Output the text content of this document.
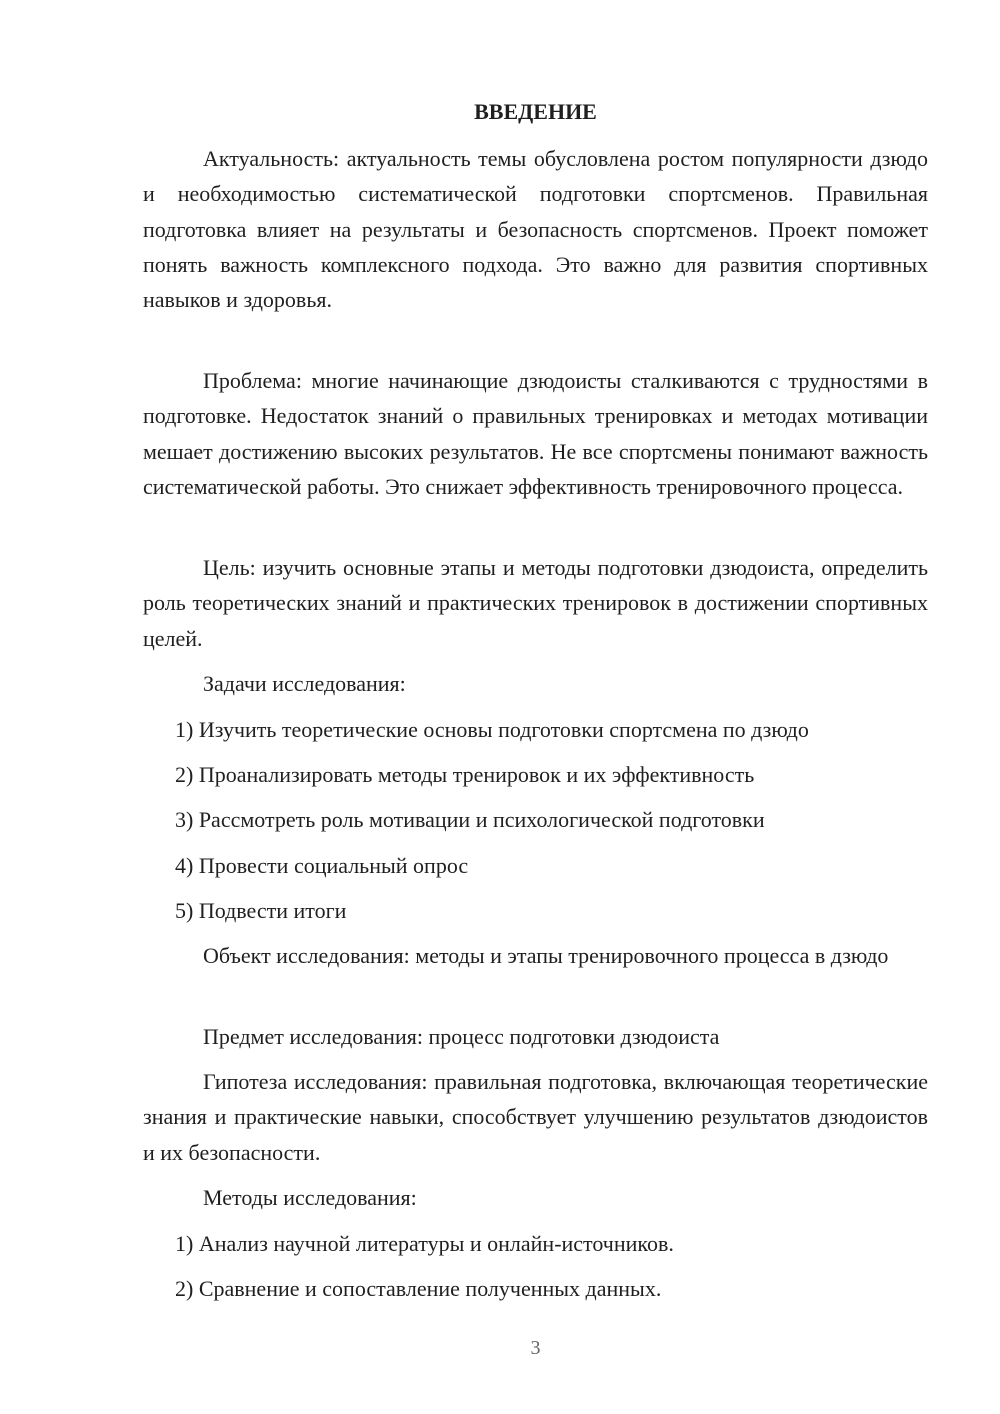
ВВЕДЕНИЕ

Актуальность: актуальность темы обусловлена ростом популярности дзюдо и необходимостью систематической подготовки спортсменов. Правильная подготовка влияет на результаты и безопасность спортсменов. Проект поможет понять важность комплексного подхода. Это важно для развития спортивных навыков и здоровья.

Проблема: многие начинающие дзюдоисты сталкиваются с трудностями в подготовке. Недостаток знаний о правильных тренировках и методах мотивации мешает достижению высоких результатов. Не все спортсмены понимают важность систематической работы. Это снижает эффективность тренировочного процесса.

Цель: изучить основные этапы и методы подготовки дзюдоиста, определить роль теоретических знаний и практических тренировок в достижении спортивных целей.

Задачи исследования:

1) Изучить теоретические основы подготовки спортсмена по дзюдо

2) Проанализировать методы тренировок и их эффективность

3) Рассмотреть роль мотивации и психологической подготовки

4) Провести социальный опрос

5) Подвести итоги

Объект исследования: методы и этапы тренировочного процесса в дзюдо

Предмет исследования: процесс подготовки дзюдоиста

Гипотеза исследования: правильная подготовка, включающая теоретические знания и практические навыки, способствует улучшению результатов дзюдоистов и их безопасности.

Методы исследования:

1) Анализ научной литературы и онлайн-источников.

2) Сравнение и сопоставление полученных данных.

3
